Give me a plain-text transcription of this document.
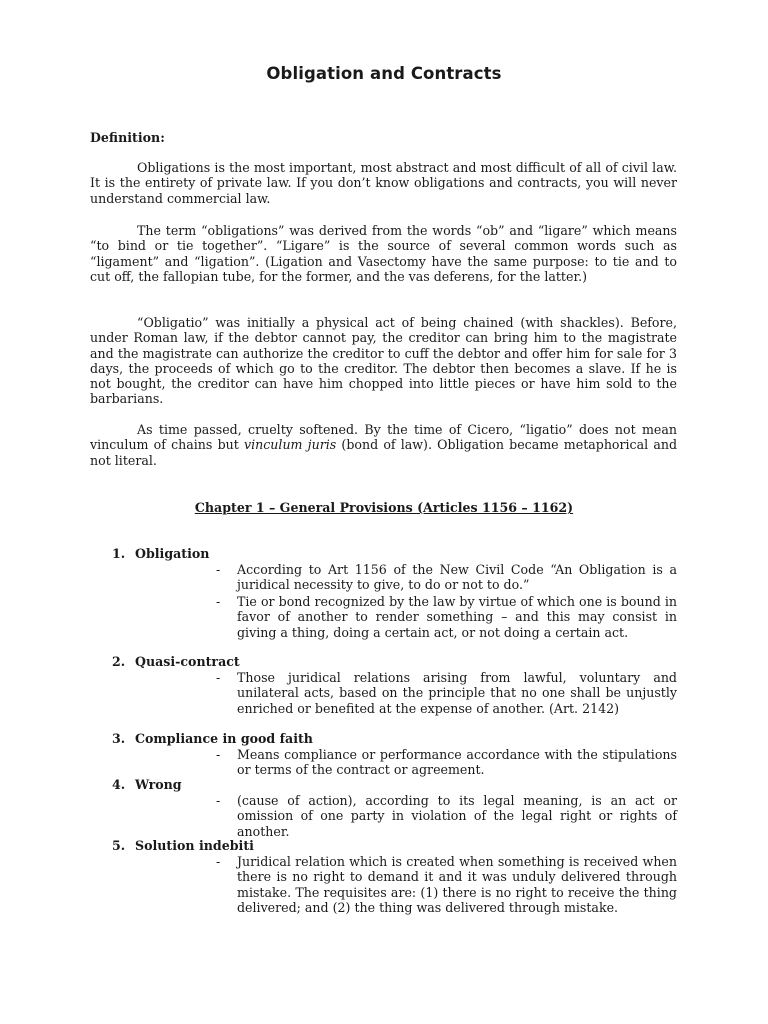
Obligation and Contracts
Definition:

Obligations is the most important, most abstract and most difficult of all of civil law. It is the entirety of private law. If you don’t know obligations and contracts, you will never understand commercial law.

The term “obligations” was derived from the words “ob” and “ligare” which means “to bind or tie together”. “Ligare” is the source of several common words such as “ligament” and “ligation”. (Ligation and Vasectomy have the same purpose: to tie and to cut off, the fallopian tube, for the former, and the vas deferens, for the latter.)

“Obligatio” was initially a physical act of being chained (with shackles). Before, under Roman law, if the debtor cannot pay, the creditor can bring him to the magistrate and the magistrate can authorize the creditor to cuff the debtor and offer him for sale for 3 days, the proceeds of which go to the creditor. The debtor then becomes a slave. If he is not bought, the creditor can have him chopped into little pieces or have him sold to the barbarians.

As time passed, cruelty softened. By the time of Cicero, “ligatio” does not mean vinculum of chains but vinculum juris (bond of law). Obligation became metaphorical and not literal.

Chapter 1 – General Provisions (Articles 1156 – 1162)
1. Obligation
- According to Art 1156 of the New Civil Code “An Obligation is a juridical necessity to give, to do or not to do.”
- Tie or bond recognized by the law by virtue of which one is bound in favor of another to render something – and this may consist in giving a thing, doing a certain act, or not doing a certain act.
2. Quasi-contract
- Those juridical relations arising from lawful, voluntary and unilateral acts, based on the principle that no one shall be unjustly enriched or benefited at the expense of another. (Art. 2142)
3. Compliance in good faith
- Means compliance or performance accordance with the stipulations or terms of the contract or agreement.
4. Wrong
- (cause of action), according to its legal meaning, is an act or omission of one party in violation of the legal right or rights of another.
5. Solution indebiti
- Juridical relation which is created when something is received when there is no right to demand it and it was unduly delivered through mistake. The requisites are: (1) there is no right to receive the thing delivered; and (2) the thing was delivered through mistake.
